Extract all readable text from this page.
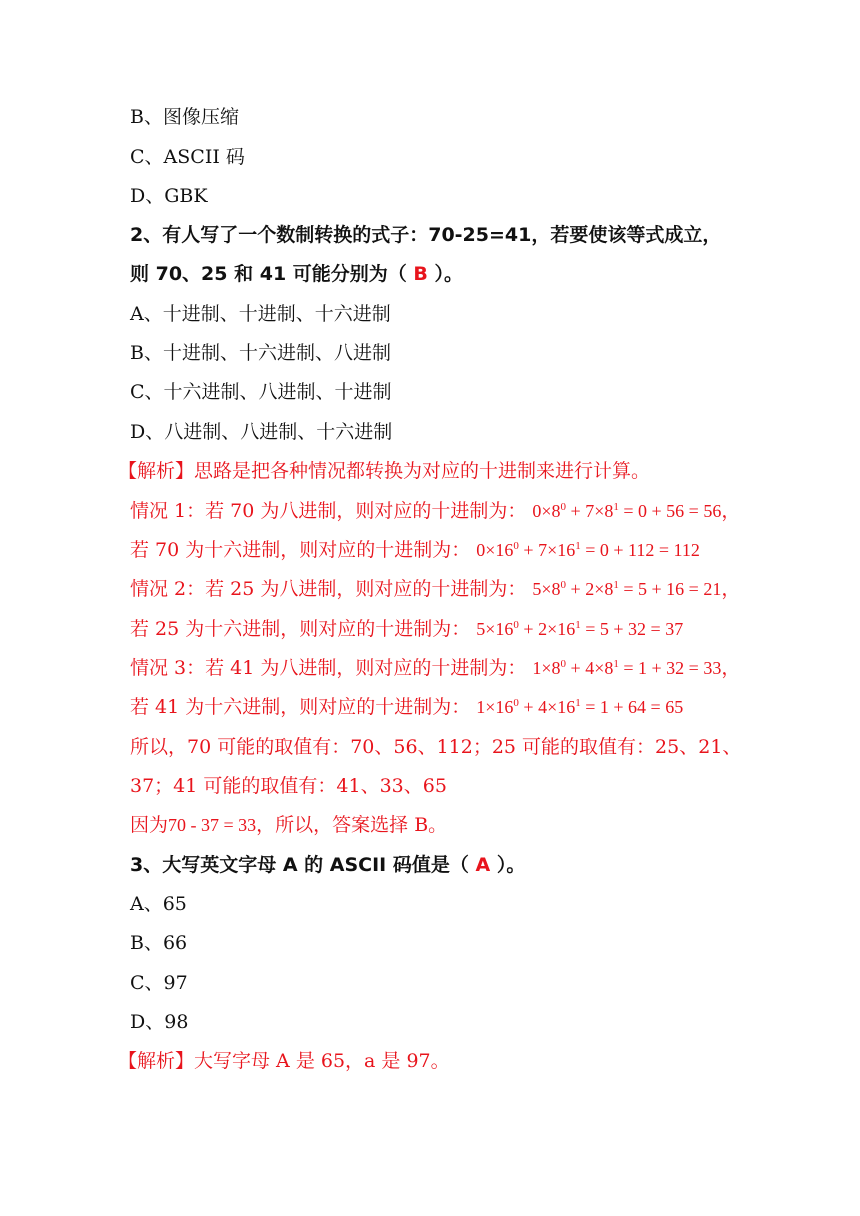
B、图像压缩
C、ASCII 码
D、GBK
2、有人写了一个数制转换的式子：70-25=41，若要使该等式成立，
则 70、25 和 41 可能分别为（ B ）。
A、十进制、十进制、十六进制
B、十进制、十六进制、八进制
C、十六进制、八进制、十进制
D、八进制、八进制、十六进制
【解析】思路是把各种情况都转换为对应的十进制来进行计算。
情况 1：若 70 为八进制，则对应的十进制为： $0\times 8^0 + 7\times 8^1 = 0 + 56 = 56$，
若 70 为十六进制，则对应的十进制为： $0\times 16^0 + 7\times 16^1 = 0 + 112 = 112$
情况 2：若 25 为八进制，则对应的十进制为： $5\times 8^0 + 2\times 8^1 = 5 + 16 = 21$，
若 25 为十六进制，则对应的十进制为： $5\times 16^0 + 2\times 16^1 = 5 + 32 = 37$
情况 3：若 41 为八进制，则对应的十进制为： $1\times 8^0 + 4\times 8^1 = 1 + 32 = 33$，
若 41 为十六进制，则对应的十进制为： $1\times 16^0 + 4\times 16^1 = 1 + 64 = 65$
所以，70 可能的取值有：70、56、112；25 可能的取值有：25、21、
37；41 可能的取值有：41、33、65
因为70 - 37 = 33，所以，答案选择 B。
3、大写英文字母 A 的 ASCII 码值是（ A ）。
A、65
B、66
C、97
D、98
【解析】大写字母 A 是 65，a 是 97。
